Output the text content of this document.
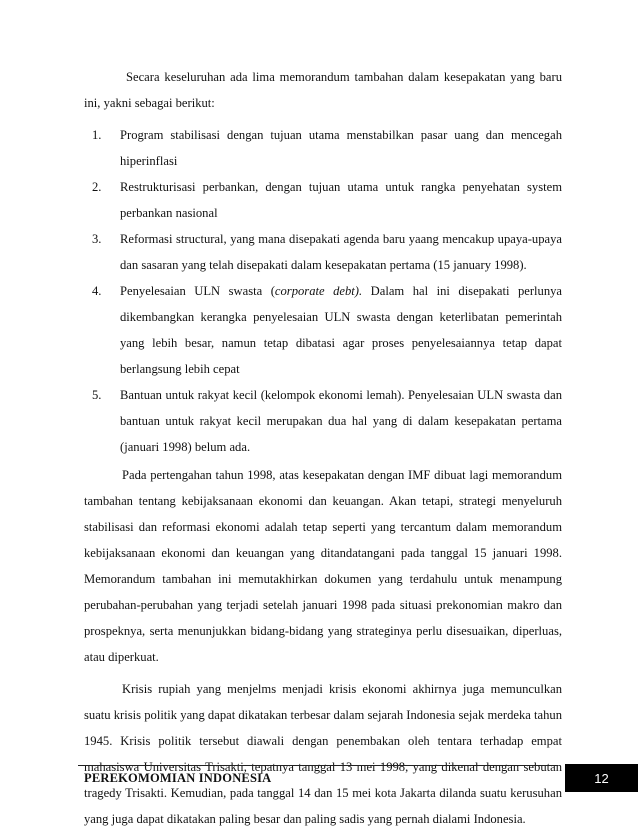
Secara keseluruhan ada lima memorandum tambahan dalam kesepakatan yang baru ini, yakni sebagai berikut:

1. Program stabilisasi dengan tujuan utama menstabilkan pasar uang dan mencegah hiperinflasi
2. Restrukturisasi perbankan, dengan tujuan utama untuk rangka penyehatan system perbankan nasional
3. Reformasi structural, yang mana disepakati agenda baru yaang mencakup upaya-upaya dan sasaran yang telah disepakati dalam kesepakatan pertama (15 january 1998).
4. Penyelesaian ULN swasta (corporate debt). Dalam hal ini disepakati perlunya dikembangkan kerangka penyelesaian ULN swasta dengan keterlibatan pemerintah yang lebih besar, namun tetap dibatasi agar proses penyelesaiannya tetap dapat berlangsung lebih cepat
5. Bantuan untuk rakyat kecil (kelompok ekonomi lemah). Penyelesaian ULN swasta dan bantuan untuk rakyat kecil merupakan dua hal yang di dalam kesepakatan pertama (januari 1998) belum ada.

Pada pertengahan tahun 1998, atas kesepakatan dengan IMF dibuat lagi memorandum tambahan tentang kebijaksanaan ekonomi dan keuangan. Akan tetapi, strategi menyeluruh stabilisasi dan reformasi ekonomi adalah tetap seperti yang tercantum dalam memorandum kebijaksanaan ekonomi dan keuangan yang ditandatangani pada tanggal 15 januari 1998. Memorandum tambahan ini memutakhirkan dokumen yang terdahulu untuk menampung perubahan-perubahan yang terjadi setelah januari 1998 pada situasi prekonomian makro dan prospeknya, serta menunjukkan bidang-bidang yang strateginya perlu disesuaikan, diperluas, atau diperkuat.

Krisis rupiah yang menjelms menjadi krisis ekonomi akhirnya juga memunculkan suatu krisis politik yang dapat dikatakan terbesar dalam sejarah Indonesia sejak merdeka tahun 1945. Krisis politik tersebut diawali dengan penembakan oleh tentara terhadap empat mahasiswa Universitas Trisakti, tepatnya tanggal 13 mei 1998, yang dikenal dengan sebutan tragedy Trisakti. Kemudian, pada tanggal 14 dan 15 mei kota Jakarta dilanda suatu kerusuhan yang juga dapat dikatakan paling besar dan paling sadis yang pernah dialami Indonesia.

PEREKOMOMIAN INDONESIA	12
